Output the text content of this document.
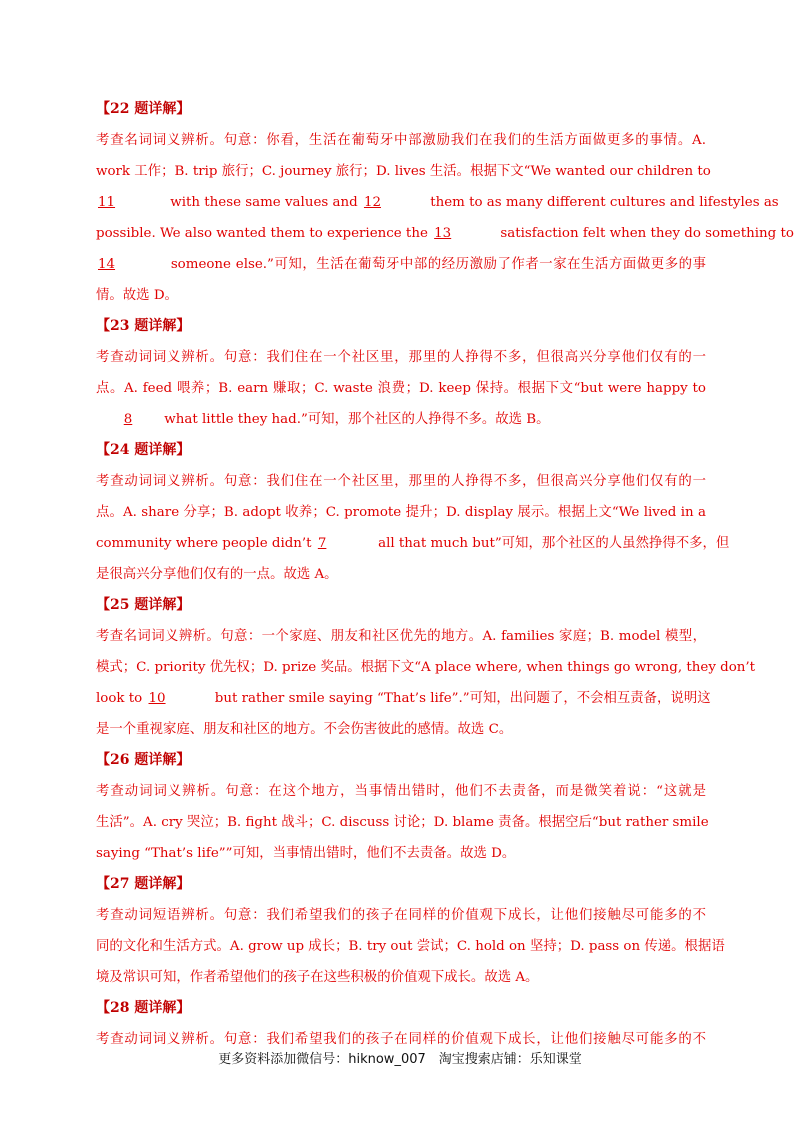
【22 题详解】
考查名词词义辨析。句意：你看，生活在葡萄牙中部激励我们在我们的生活方面做更多的事情。A.
work 工作；B. trip 旅行；C. journey 旅行；D. lives 生活。根据下文“We wanted our children to
11	with these same values and 12	them to as many different cultures and lifestyles as
possible. We also wanted them to experience the 13	satisfaction felt when they do something to
14	someone else.”可知，生活在葡萄牙中部的经历激励了作者一家在生活方面做更多的事
情。故选 D。
【23 题详解】
考查动词词义辨析。句意：我们住在一个社区里，那里的人挣得不多，但很高兴分享他们仅有的一
点。A. feed 喂养；B. earn 赚取；C. waste 浪费；D. keep 保持。根据下文“but were happy to
8 what little they had.”可知，那个社区的人挣得不多。故选 B。
【24 题详解】
考查动词词义辨析。句意：我们住在一个社区里，那里的人挣得不多，但很高兴分享他们仅有的一
点。A. share 分享；B. adopt 收养；C. promote 提升；D. display 展示。根据上文“We lived in a
community where people didn’t 7	all that much but”可知，那个社区的人虽然挣得不多，但
是很高兴分享他们仅有的一点。故选 A。
【25 题详解】
考查名词词义辨析。句意：一个家庭、朋友和社区优先的地方。A. families 家庭；B. model 模型，
模式；C. priority 优先权；D. prize 奖品。根据下文“A place where, when things go wrong, they don’t
look to 10	but rather smile saying “That’s life”.”可知，出问题了，不会相互责备，说明这
是一个重视家庭、朋友和社区的地方。不会伤害彼此的感情。故选 C。
【26 题详解】
考查动词词义辨析。句意：在这个地方，当事情出错时，他们不去责备，而是微笑着说：“这就是
生活”。A. cry 哭泣；B. fight 战斗；C. discuss 讨论；D. blame 责备。根据空后“but rather smile
saying “That’s life””可知，当事情出错时，他们不去责备。故选 D。
【27 题详解】
考查动词短语辨析。句意：我们希望我们的孩子在同样的价值观下成长，让他们接触尽可能多的不
同的文化和生活方式。A. grow up 成长；B. try out 尝试；C. hold on 坚持；D. pass on 传递。根据语
境及常识可知，作者希望他们的孩子在这些积极的价值观下成长。故选 A。
【28 题详解】
考查动词词义辨析。句意：我们希望我们的孩子在同样的价值观下成长，让他们接触尽可能多的不
更多资料添加微信号：hiknow_007　淘宝搜索店铺：乐知课堂
